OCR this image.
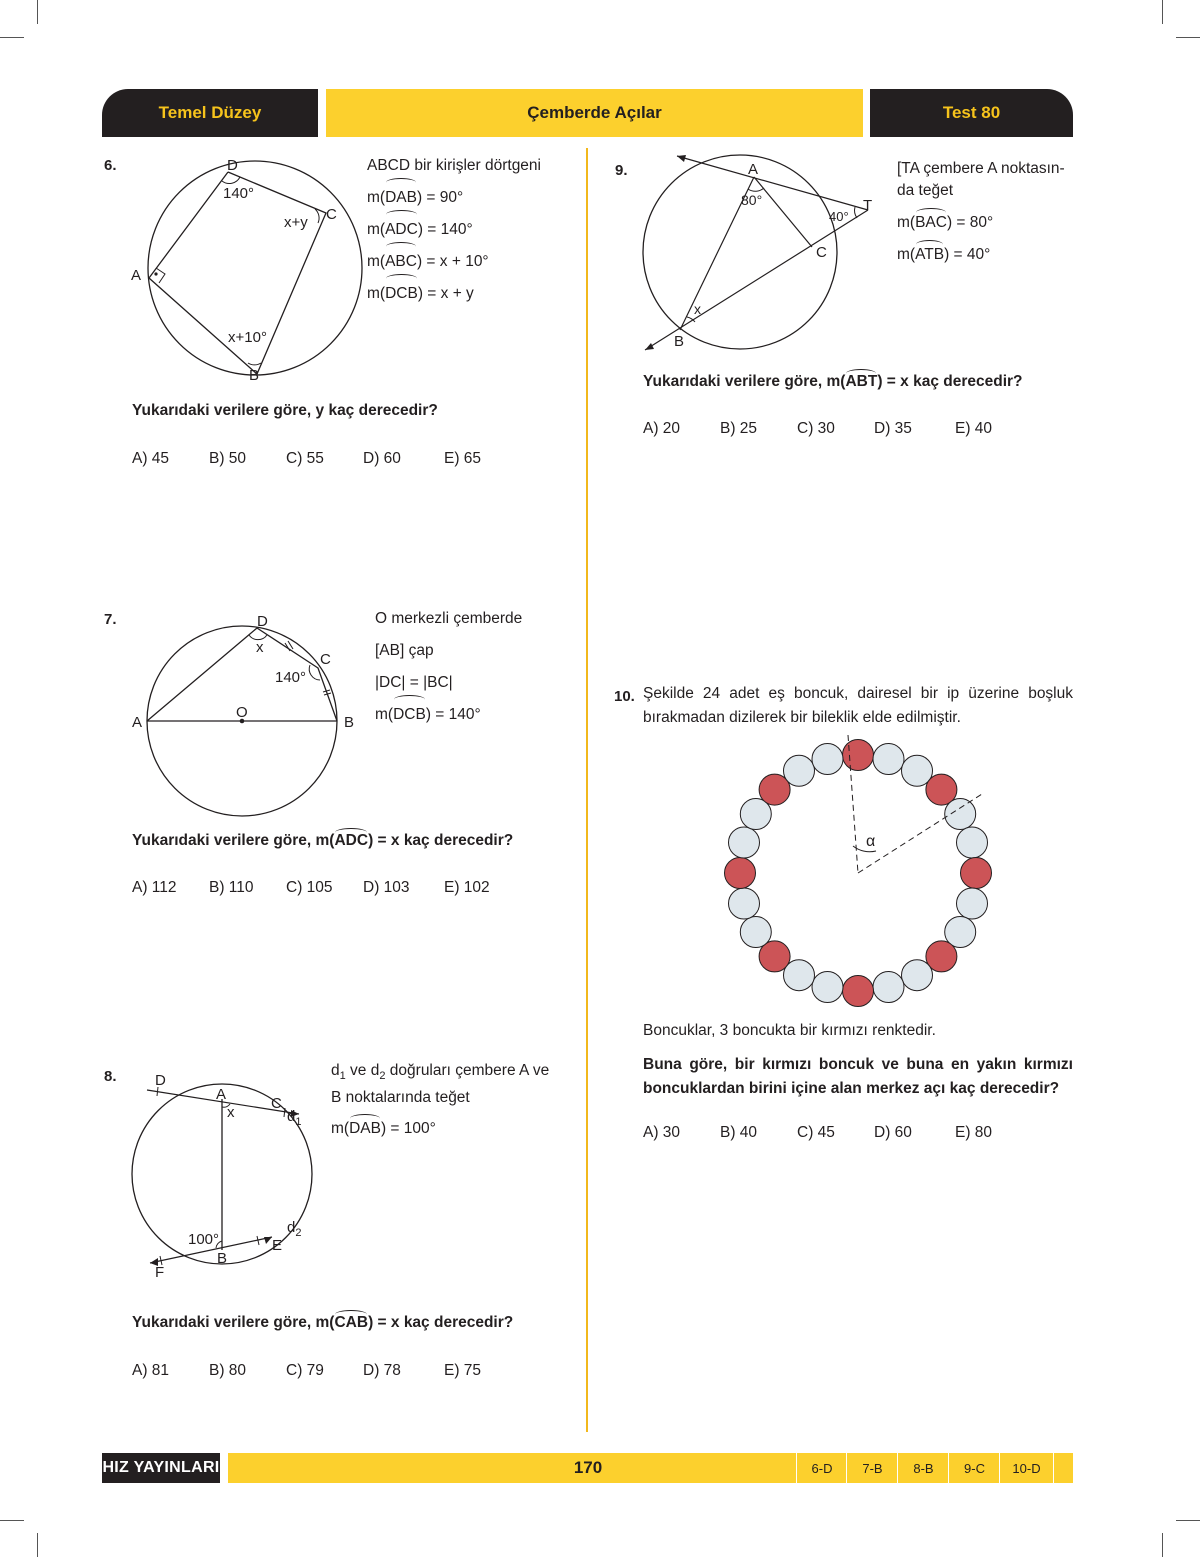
Temel Düzey	Çemberde Açılar	Test 80
6.	D
140°
C
x+y
A
x+10°
B
ABCD bir kirişler dörtgeni
m(DAB) = 90°
m(ADC) = 140°
m(ABC) = x + 10°
m(DCB) = x + y
Yukarıdaki verilere göre, y kaç derecedir?
A) 45	B) 50	C) 55	D) 60	E) 65
7.	D
x
C
140°
O
A	B
O merkezli çemberde
[AB] çap
|DC| = |BC|
m(DCB) = 140°
Yukarıdaki verilere göre, m(ADC) = x kaç derecedir?
A) 112	B) 110	C) 105	D) 103	E) 102
8.	D
A
x
C
$d_1$
100°
B
E
$d_2$
F
$d_1$ ve $d_2$ doğruları çembere A ve
B noktalarında teğet
m(DAB) = 100°
Yukarıdaki verilere göre, m(CAB) = x kaç derecedir?
A) 81	B) 80	C) 79	D) 78	E) 75
9.	A
80°
40°
T
C
x
B
[TA çembere A noktasın-
da teğet
m(BAC) = 80°
m(ATB) = 40°
Yukarıdaki verilere göre, m(ABT) = x kaç derecedir?
A) 20	B) 25	C) 30	D) 35	E) 40
10. Şekilde 24 adet eş boncuk, dairesel bir ip üzerine boşluk
bırakmadan dizilerek bir bileklik elde edilmiştir.
α
Boncuklar, 3 boncukta bir kırmızı renktedir.
Buna göre, bir kırmızı boncuk ve buna en yakın kırmızı
boncuklardan birini içine alan merkez açı kaç derecedir?
A) 30	B) 40	C) 45	D) 60	E) 80
HIZ YAYINLARI	170	6-D	7-B	8-B	9-C	10-D
